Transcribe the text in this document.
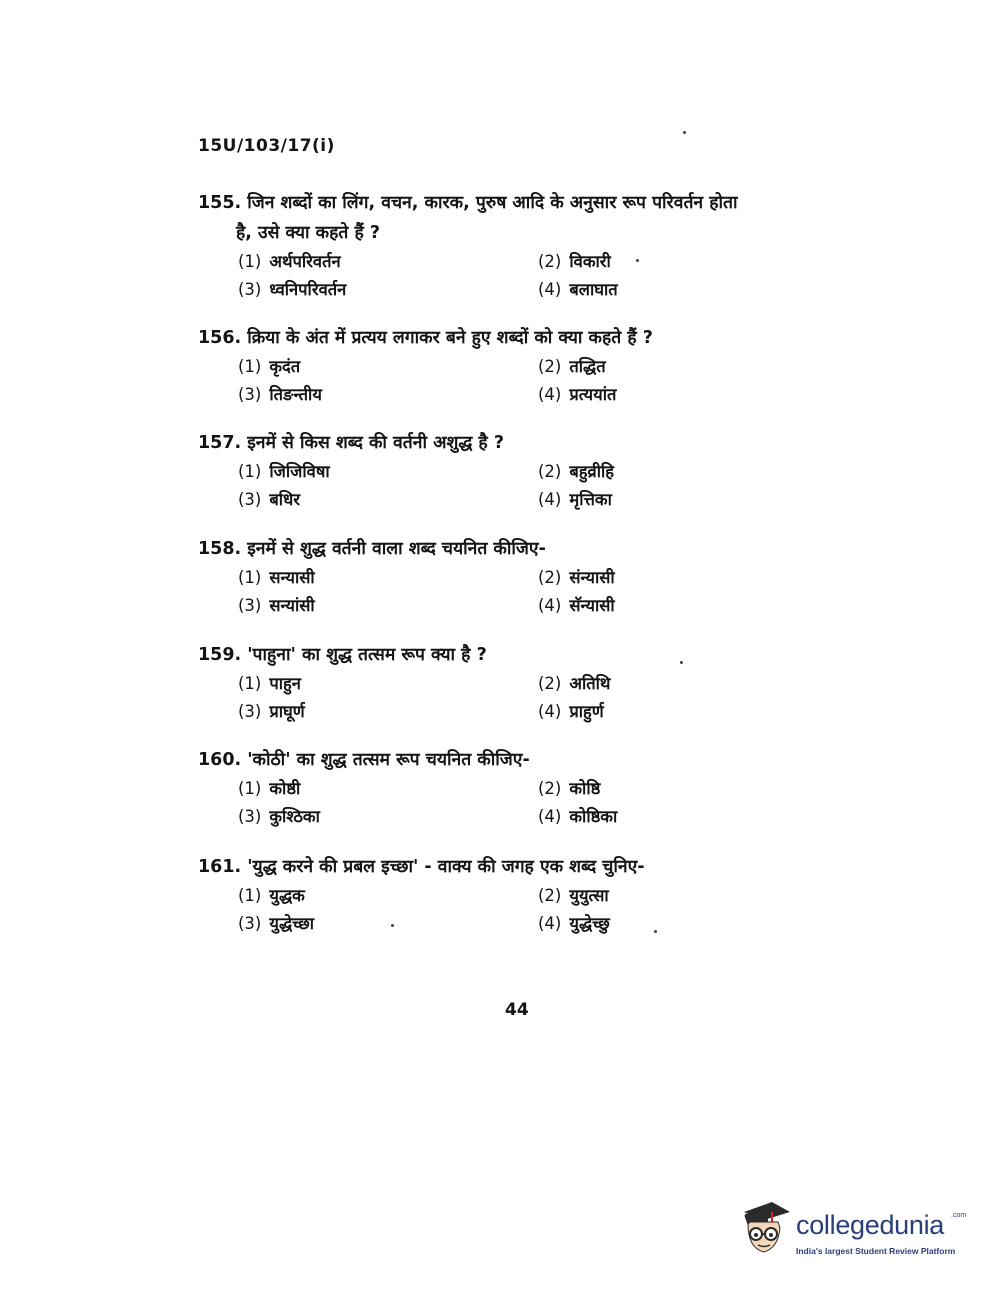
15U/103/17(i)
155. जिन शब्दों का लिंग, वचन, कारक, पुरुष आदि के अनुसार रूप परिवर्तन होता
है, उसे क्या कहते हैं ?
(1) अर्थपरिवर्तन	(2) विकारी
(3) ध्वनिपरिवर्तन	(4) बलाघात
156. क्रिया के अंत में प्रत्यय लगाकर बने हुए शब्दों को क्या कहते हैं ?
(1) कृदंत	(2) तद्धित
(3) तिङन्तीय	(4) प्रत्ययांत
157. इनमें से किस शब्द की वर्तनी अशुद्ध है ?
(1) जिजिविषा	(2) बहुव्रीहि
(3) बधिर	(4) मृत्तिका
158. इनमें से शुद्ध वर्तनी वाला शब्द चयनित कीजिए-
(1) सन्यासी	(2) संन्यासी
(3) सन्यांसी	(4) सॅन्यासी
159. 'पाहुना' का शुद्ध तत्सम रूप क्या है ?
(1) पाहुन	(2) अतिथि
(3) प्राघूर्ण	(4) प्राहुर्ण
160. 'कोठी' का शुद्ध तत्सम रूप चयनित कीजिए-
(1) कोष्ठी	(2) कोष्ठि
(3) कुश्ठिका	(4) कोष्ठिका
161. 'युद्ध करने की प्रबल इच्छा' - वाक्य की जगह एक शब्द चुनिए-
(1) युद्धक	(2) युयुत्सा
(3) युद्धेच्छा	(4) युद्धेच्छु
44
collegedunia .com
India's largest Student Review Platform
